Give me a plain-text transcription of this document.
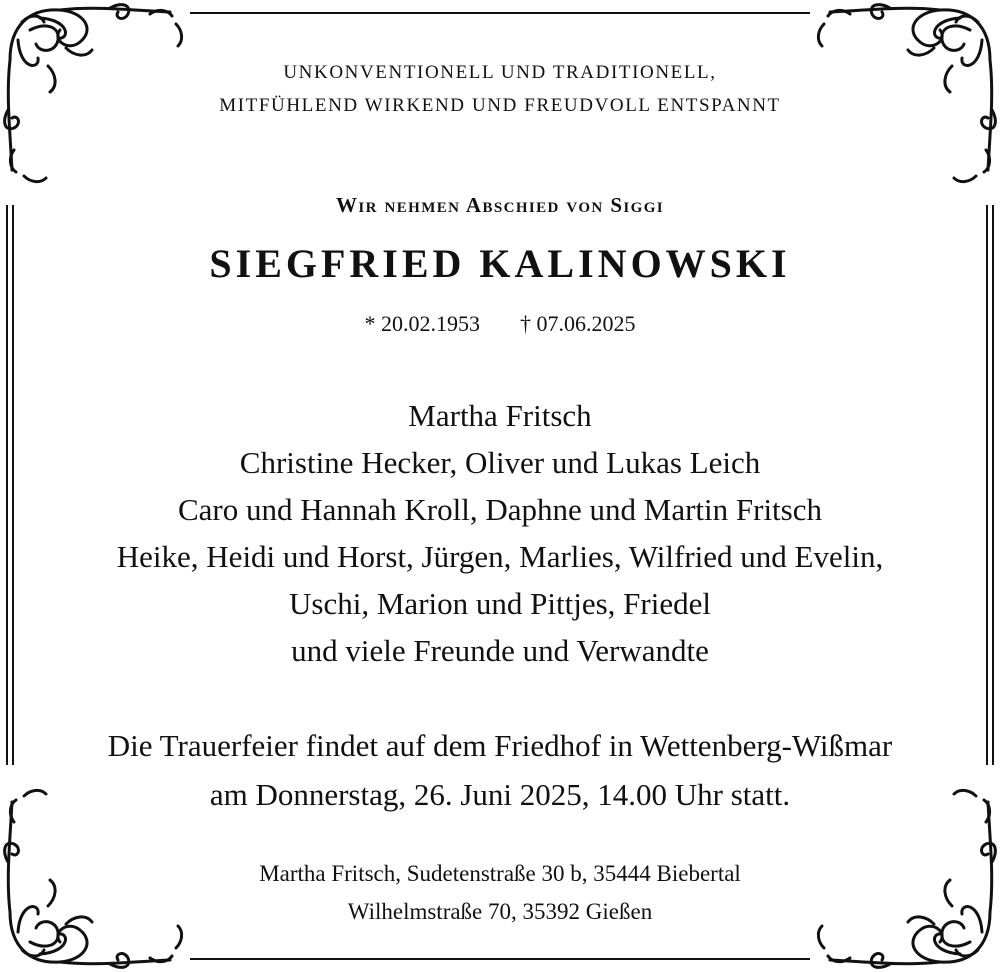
UNKONVENTIONELL UND TRADITIONELL,
MITFÜHLEND WIRKEND UND FREUDVOLL ENTSPANNT
Wir nehmen Abschied von Siggi
SIEGFRIED KALINOWSKI
* 20.02.1953 † 07.06.2025
Martha Fritsch
Christine Hecker, Oliver und Lukas Leich
Caro und Hannah Kroll, Daphne und Martin Fritsch
Heike, Heidi und Horst, Jürgen, Marlies, Wilfried und Evelin,
Uschi, Marion und Pittjes, Friedel
und viele Freunde und Verwandte
Die Trauerfeier findet auf dem Friedhof in Wettenberg-Wißmar
am Donnerstag, 26. Juni 2025, 14.00 Uhr statt.
Martha Fritsch, Sudetenstraße 30 b, 35444 Biebertal
Wilhelmstraße 70, 35392 Gießen
